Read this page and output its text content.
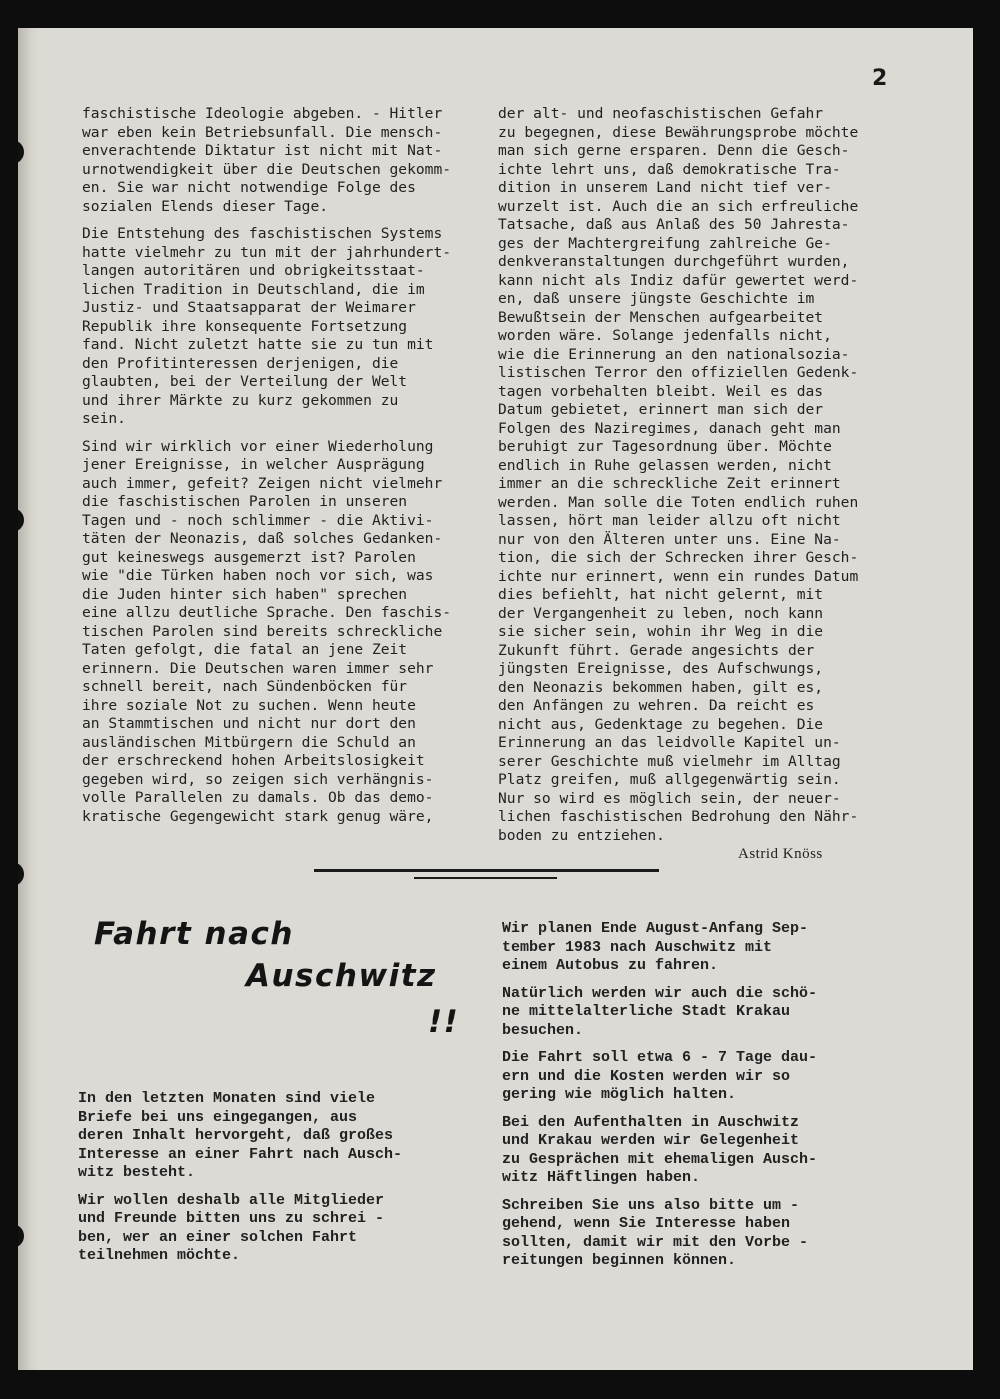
2

faschistische Ideologie abgeben. - Hitler
war eben kein Betriebsunfall. Die mensch-
enverachtende Diktatur ist nicht mit Nat-
urnotwendigkeit über die Deutschen gekomm-
en. Sie war nicht notwendige Folge des
sozialen Elends dieser Tage.

Die Entstehung des faschistischen Systems
hatte vielmehr zu tun mit der jahrhundert-
langen autoritären und obrigkeitsstaat-
lichen Tradition in Deutschland, die im
Justiz- und Staatsapparat der Weimarer
Republik ihre konsequente Fortsetzung
fand. Nicht zuletzt hatte sie zu tun mit
den Profitinteressen derjenigen, die
glaubten, bei der Verteilung der Welt
und ihrer Märkte zu kurz gekommen zu
sein.

Sind wir wirklich vor einer Wiederholung
jener Ereignisse, in welcher Ausprägung
auch immer, gefeit? Zeigen nicht vielmehr
die faschistischen Parolen in unseren
Tagen und - noch schlimmer - die Aktivi-
täten der Neonazis, daß solches Gedanken-
gut keineswegs ausgemerzt ist? Parolen
wie "die Türken haben noch vor sich, was
die Juden hinter sich haben" sprechen
eine allzu deutliche Sprache. Den faschis-
tischen Parolen sind bereits schreckliche
Taten gefolgt, die fatal an jene Zeit
erinnern. Die Deutschen waren immer sehr
schnell bereit, nach Sündenböcken für
ihre soziale Not zu suchen. Wenn heute
an Stammtischen und nicht nur dort den
ausländischen Mitbürgern die Schuld an
der erschreckend hohen Arbeitslosigkeit
gegeben wird, so zeigen sich verhängnis-
volle Parallelen zu damals. Ob das demo-
kratische Gegengewicht stark genug wäre,

der alt- und neofaschistischen Gefahr
zu begegnen, diese Bewährungsprobe möchte
man sich gerne ersparen. Denn die Gesch-
ichte lehrt uns, daß demokratische Tra-
dition in unserem Land nicht tief ver-
wurzelt ist. Auch die an sich erfreuliche
Tatsache, daß aus Anlaß des 50 Jahresta-
ges der Machtergreifung zahlreiche Ge-
denkveranstaltungen durchgeführt wurden,
kann nicht als Indiz dafür gewertet werd-
en, daß unsere jüngste Geschichte im
Bewußtsein der Menschen aufgearbeitet
worden wäre. Solange jedenfalls nicht,
wie die Erinnerung an den nationalsozia-
listischen Terror den offiziellen Gedenk-
tagen vorbehalten bleibt. Weil es das
Datum gebietet, erinnert man sich der
Folgen des Naziregimes, danach geht man
beruhigt zur Tagesordnung über. Möchte
endlich in Ruhe gelassen werden, nicht
immer an die schreckliche Zeit erinnert
werden. Man solle die Toten endlich ruhen
lassen, hört man leider allzu oft nicht
nur von den Älteren unter uns. Eine Na-
tion, die sich der Schrecken ihrer Gesch-
ichte nur erinnert, wenn ein rundes Datum
dies befiehlt, hat nicht gelernt, mit
der Vergangenheit zu leben, noch kann
sie sicher sein, wohin ihr Weg in die
Zukunft führt. Gerade angesichts der
jüngsten Ereignisse, des Aufschwungs,
den Neonazis bekommen haben, gilt es,
den Anfängen zu wehren. Da reicht es
nicht aus, Gedenktage zu begehen. Die
Erinnerung an das leidvolle Kapitel un-
serer Geschichte muß vielmehr im Alltag
Platz greifen, muß allgegenwärtig sein.
Nur so wird es möglich sein, der neuer-
lichen faschistischen Bedrohung den Nähr-
boden zu entziehen.

Astrid Knöss
Fahrt nach
Auschwitz
!!

In den letzten Monaten sind viele
Briefe bei uns eingegangen, aus
deren Inhalt hervorgeht, daß großes
Interesse an einer Fahrt nach Ausch-
witz besteht.

Wir wollen deshalb alle Mitglieder
und Freunde bitten uns zu schrei -
ben, wer an einer solchen Fahrt
teilnehmen möchte.

Wir planen Ende August-Anfang Sep-
tember 1983 nach Auschwitz mit
einem Autobus zu fahren.

Natürlich werden wir auch die schö-
ne mittelalterliche Stadt Krakau
besuchen.

Die Fahrt soll etwa 6 - 7 Tage dau-
ern und die Kosten werden wir so
gering wie möglich halten.

Bei den Aufenthalten in Auschwitz
und Krakau werden wir Gelegenheit
zu Gesprächen mit ehemaligen Ausch-
witz Häftlingen haben.

Schreiben Sie uns also bitte um -
gehend, wenn Sie Interesse haben
sollten, damit wir mit den Vorbe -
reitungen beginnen können.
